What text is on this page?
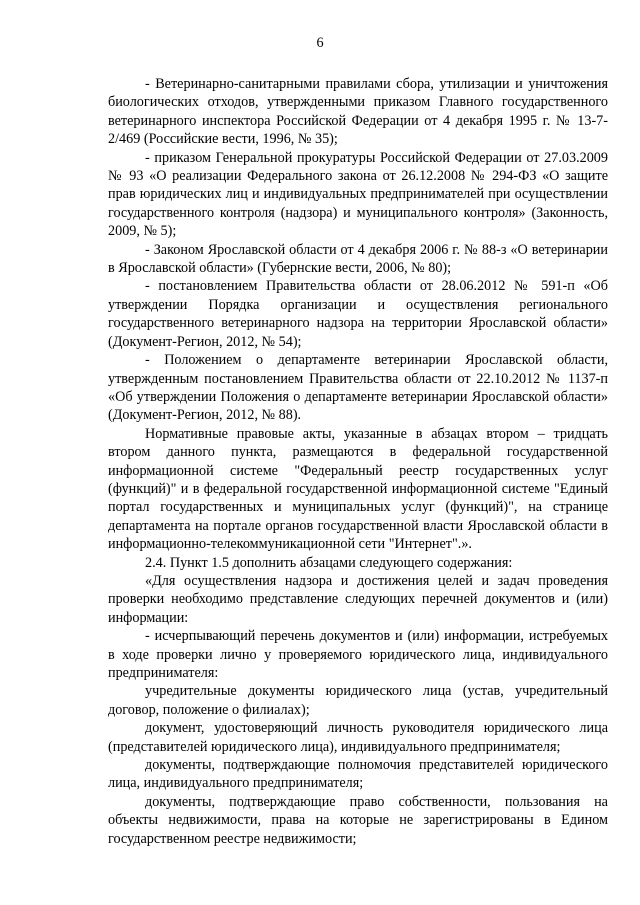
6

- Ветеринарно-санитарными правилами сбора, утилизации и уничтожения биологических отходов, утвержденными приказом Главного государственного ветеринарного инспектора Российской Федерации от 4 декабря 1995 г. № 13-7-2/469 (Российские вести, 1996, № 35);

- приказом Генеральной прокуратуры Российской Федерации от 27.03.2009 № 93 «О реализации Федерального закона от 26.12.2008 № 294-ФЗ «О защите прав юридических лиц и индивидуальных предпринимателей при осуществлении государственного контроля (надзора) и муниципального контроля» (Законность, 2009, № 5);

- Законом Ярославской области от 4 декабря 2006 г. № 88-з «О ветеринарии в Ярославской области» (Губернские вести, 2006, № 80);

- постановлением Правительства области от 28.06.2012 № 591-п «Об утверждении Порядка организации и осуществления регионального государственного ветеринарного надзора на территории Ярославской области» (Документ-Регион, 2012, № 54);

- Положением о департаменте ветеринарии Ярославской области, утвержденным постановлением Правительства области от 22.10.2012 № 1137-п «Об утверждении Положения о департаменте ветеринарии Ярославской области» (Документ-Регион, 2012, № 88).

Нормативные правовые акты, указанные в абзацах втором – тридцать втором данного пункта, размещаются в федеральной государственной информационной системе "Федеральный реестр государственных услуг (функций)" и в федеральной государственной информационной системе "Единый портал государственных и муниципальных услуг (функций)", на странице департамента на портале органов государственной власти Ярославской области в информационно-телекоммуникационной сети "Интернет".».

2.4. Пункт 1.5 дополнить абзацами следующего содержания:

«Для осуществления надзора и достижения целей и задач проведения проверки необходимо представление следующих перечней документов и (или) информации:

- исчерпывающий перечень документов и (или) информации, истребуемых в ходе проверки лично у проверяемого юридического лица, индивидуального предпринимателя:

учредительные документы юридического лица (устав, учредительный договор, положение о филиалах);

документ, удостоверяющий личность руководителя юридического лица (представителей юридического лица), индивидуального предпринимателя;

документы, подтверждающие полномочия представителей юридического лица, индивидуального предпринимателя;

документы, подтверждающие право собственности, пользования на объекты недвижимости, права на которые не зарегистрированы в Едином государственном реестре недвижимости;
